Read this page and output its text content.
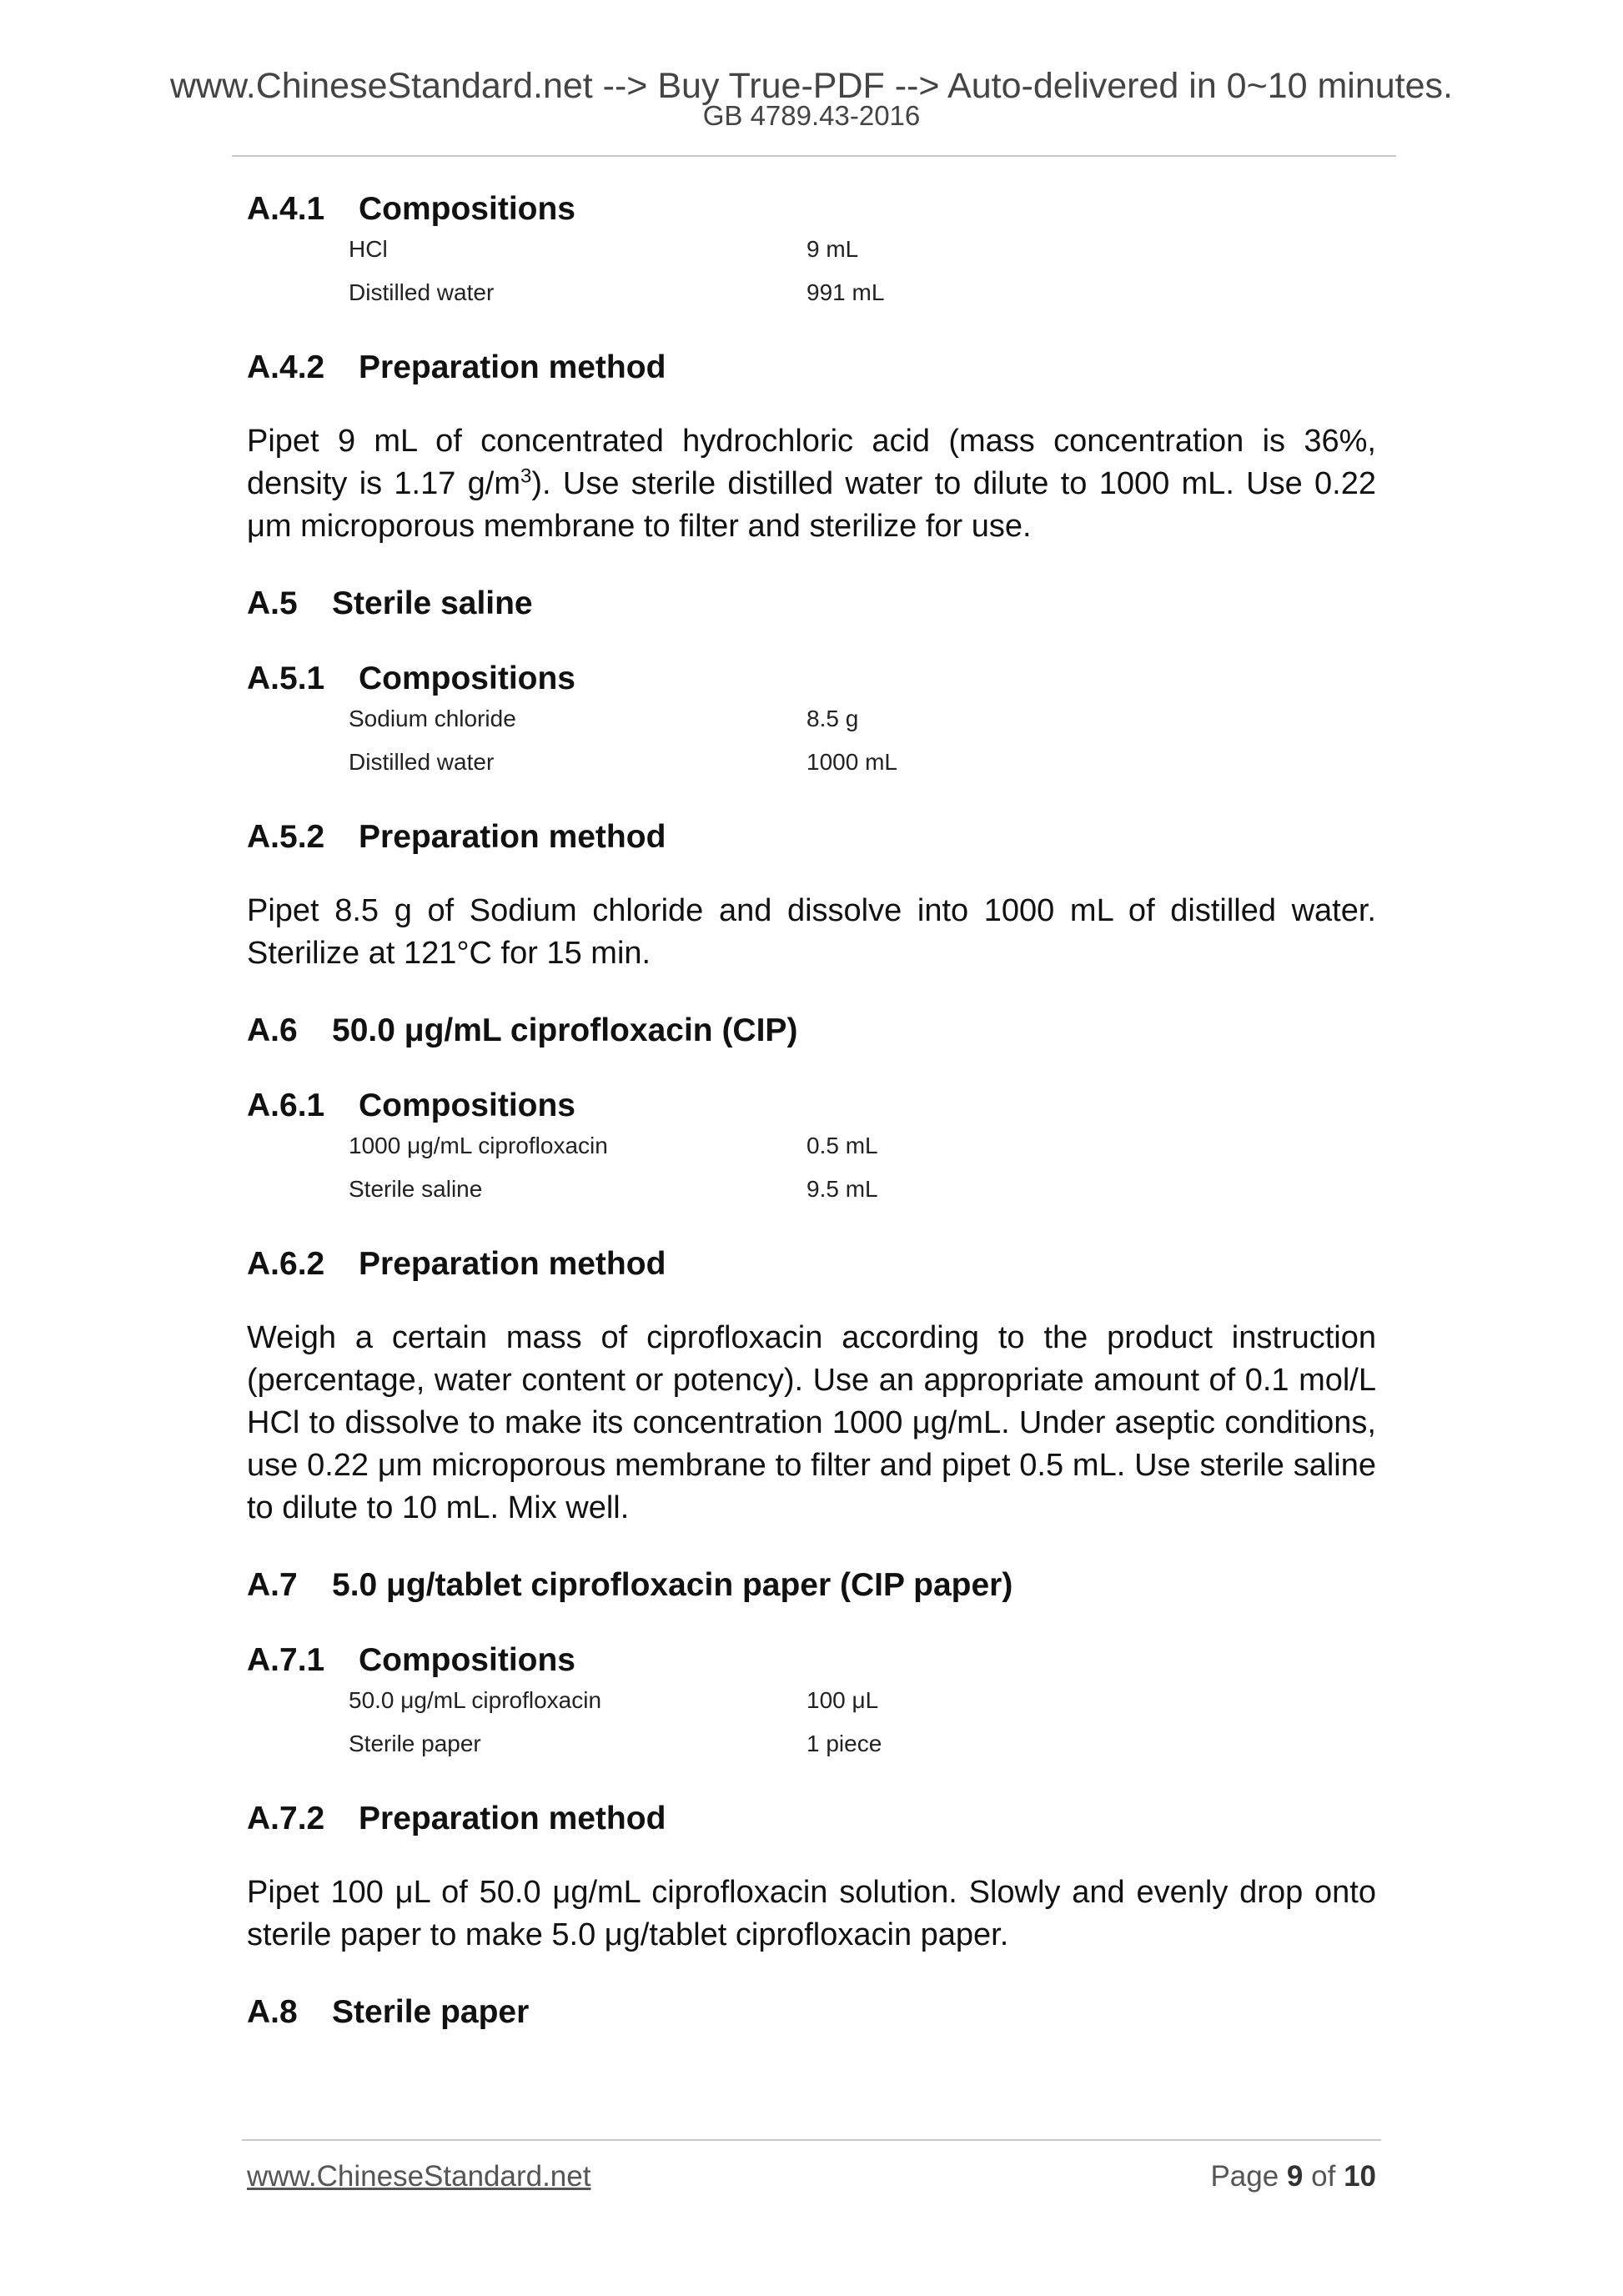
www.ChineseStandard.net --> Buy True-PDF --> Auto-delivered in 0~10 minutes.
GB 4789.43-2016
A.4.1	Compositions
HCl	9 mL
Distilled water	991 mL
A.4.2	Preparation method

Pipet 9 mL of concentrated hydrochloric acid (mass concentration is 36%, density is 1.17 $g/m^3$). Use sterile distilled water to dilute to 1000 mL. Use 0.22 μm microporous membrane to filter and sterilize for use.

A.5	Sterile saline
A.5.1	Compositions
Sodium chloride	8.5 g
Distilled water	1000 mL
A.5.2	Preparation method

Pipet 8.5 g of Sodium chloride and dissolve into 1000 mL of distilled water. Sterilize at 121°C for 15 min.

A.6	50.0 μg/mL ciprofloxacin (CIP)
A.6.1	Compositions
1000 μg/mL ciprofloxacin	0.5 mL
Sterile saline	9.5 mL
A.6.2	Preparation method

Weigh a certain mass of ciprofloxacin according to the product instruction (percentage, water content or potency). Use an appropriate amount of 0.1 mol/L HCl to dissolve to make its concentration 1000 μg/mL. Under aseptic conditions, use 0.22 μm microporous membrane to filter and pipet 0.5 mL. Use sterile saline to dilute to 10 mL. Mix well.

A.7	5.0 μg/tablet ciprofloxacin paper (CIP paper)
A.7.1	Compositions
50.0 μg/mL ciprofloxacin	100 μL
Sterile paper	1 piece
A.7.2	Preparation method

Pipet 100 μL of 50.0 μg/mL ciprofloxacin solution. Slowly and evenly drop onto sterile paper to make 5.0 μg/tablet ciprofloxacin paper.

A.8	Sterile paper
www.ChineseStandard.net	Page 9 of 10
